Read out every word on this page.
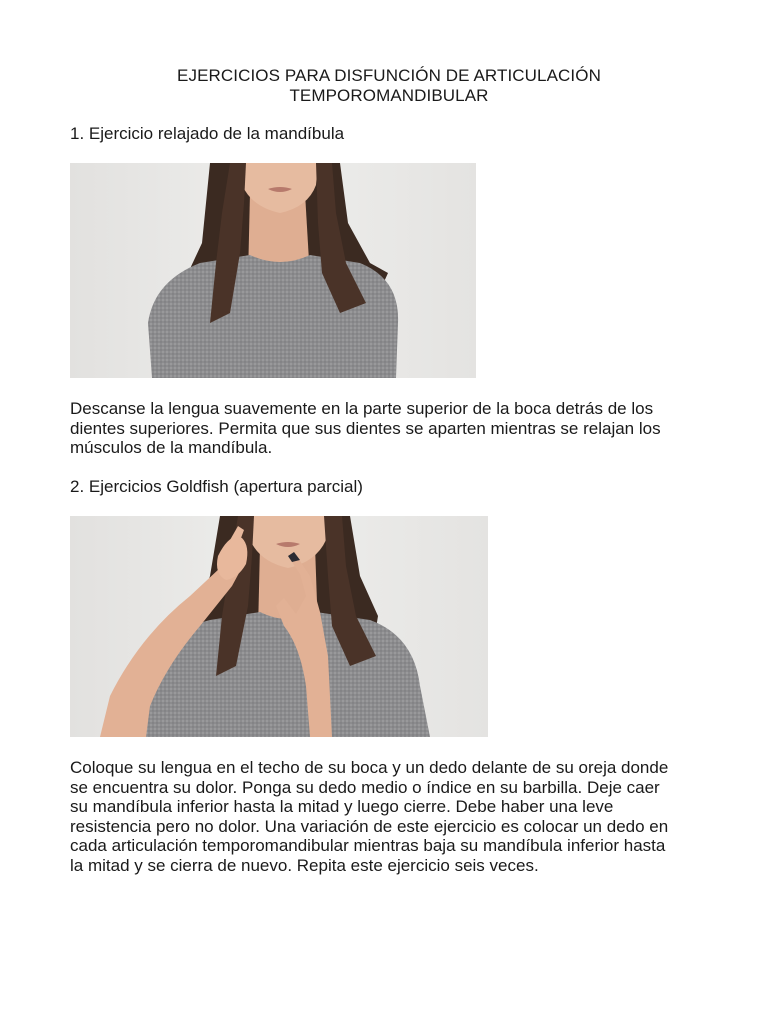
EJERCICIOS PARA DISFUNCIÓN DE ARTICULACIÓN
TEMPOROMANDIBULAR
1. Ejercicio relajado de la mandíbula
Descanse la lengua suavemente en la parte superior de la boca detrás de los
dientes superiores. Permita que sus dientes se aparten mientras se relajan los
músculos de la mandíbula.
2. Ejercicios Goldfish (apertura parcial)
Coloque su lengua en el techo de su boca y un dedo delante de su oreja donde
se encuentra su dolor. Ponga su dedo medio o índice en su barbilla. Deje caer
su mandíbula inferior hasta la mitad y luego cierre. Debe haber una leve
resistencia pero no dolor. Una variación de este ejercicio es colocar un dedo en
cada articulación temporomandibular mientras baja su mandíbula inferior hasta
la mitad y se cierra de nuevo. Repita este ejercicio seis veces.
